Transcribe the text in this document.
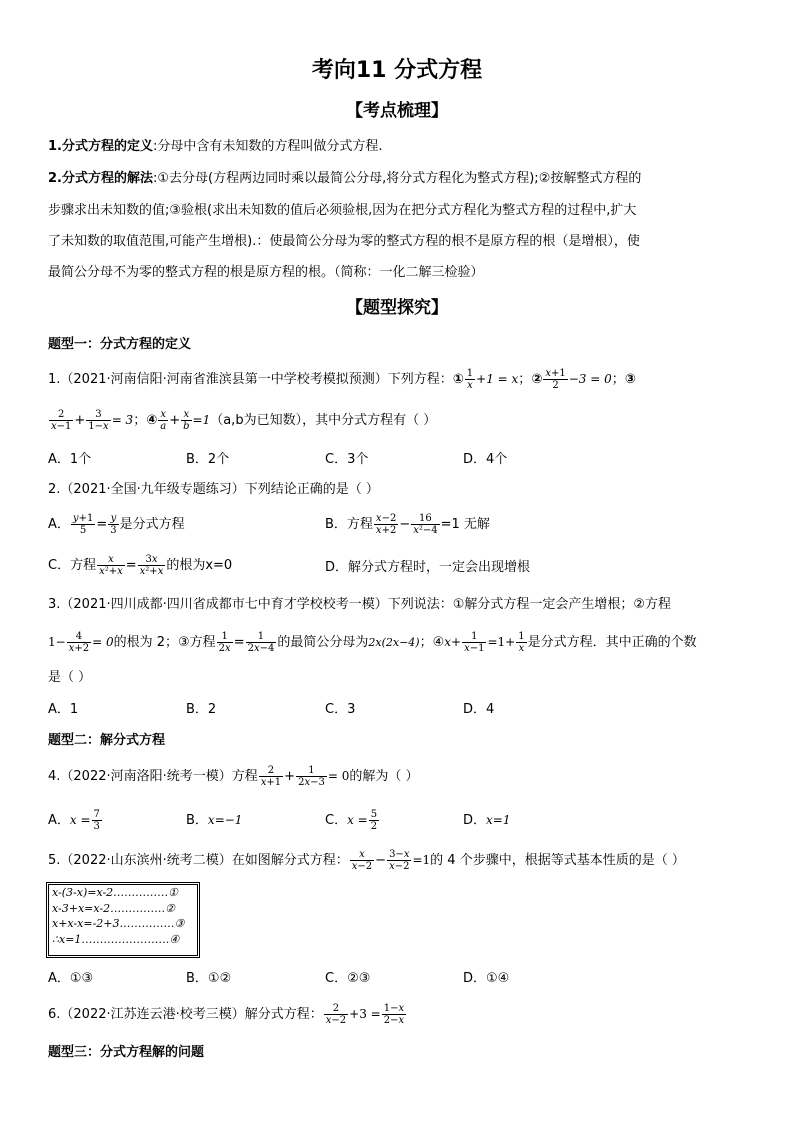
考向11 分式方程
【考点梳理】
1.分式方程的定义:分母中含有未知数的方程叫做分式方程.
2.分式方程的解法:①去分母(方程两边同时乘以最简公分母,将分式方程化为整式方程);②按解整式方程的
步骤求出未知数的值;③验根(求出未知数的值后必须验根,因为在把分式方程化为整式方程的过程中,扩大
了未知数的取值范围,可能产生增根).：使最简公分母为零的整式方程的根不是原方程的根（是增根），使
最简公分母不为零的整式方程的根是原方程的根。（简称：一化二解三检验）
【题型探究】
题型一：分式方程的定义
1.（2021·河南信阳·河南省淮滨县第一中学校考模拟预测）下列方程：① $\frac{1}{x} +1 = x$；② $\frac{x+1}{2} -3 = 0$；③
$\frac{2}{x-1} + \frac{3}{1-x} = 3$；④ $\frac{x}{a} + \frac{x}{b} =1(a,b$为已知数），其中分式方程有（ ）
A．1个	B．2个	C．3个	D．4个
2.（2021·全国·九年级专题练习）下列结论正确的是（ ）
A． $\frac{y+1}{5} = \frac{y}{3}$ 是分式方程	B．方程 $\frac{x-2}{x+2} - \frac{16}{\text{x²−4}} =1$ 无解
C．方程 $\frac{x}{\text{x²+x}} = \frac{3x}{\text{x²+x}}$ 的根为x=0	D．解分式方程时，一定会出现增根
3.（2021·四川成都·四川省成都市七中育才学校校考一模）下列说法：①解分式方程一定会产生增根；②方程
$1- \frac{4}{x+2} = 0$的根为 2；③方程 $\frac{1}{2x} = \frac{1}{2x-4}$ 的最简公分母为2x(2x−4)；④x+ $\frac{1}{x-1} =1+ \frac{1}{x}$ 是分式方程．其中正确的个数
是（ ）
A．1	B．2	C．3	D．4
题型二：解分式方程
4.（2022·河南洛阳·统考一模）方程 $\frac{2}{x+1} + \frac{1}{2x-3} = 0$的解为（ ）
A．$x = \frac{7}{3}$	B．x=−1	C．$x = \frac{5}{2}$	D．x=1
5.（2022·山东滨州·统考二模）在如图解分式方程： $\frac{x}{x-2} - \frac{3-x}{x-2} =1$的 4 个步骤中，根据等式基本性质的是（ ）
x-(3-x)=x-2……………①
x-3+x=x-2……………②
x+x-x=-2+3……………③
∴x=1……………………④
A．①③	B．①②	C．②③	D．①④
6.（2022·江苏连云港·校考三模）解分式方程： $\frac{2}{x-2} +3 = \frac{1-x}{2-x}$
题型三：分式方程解的问题
